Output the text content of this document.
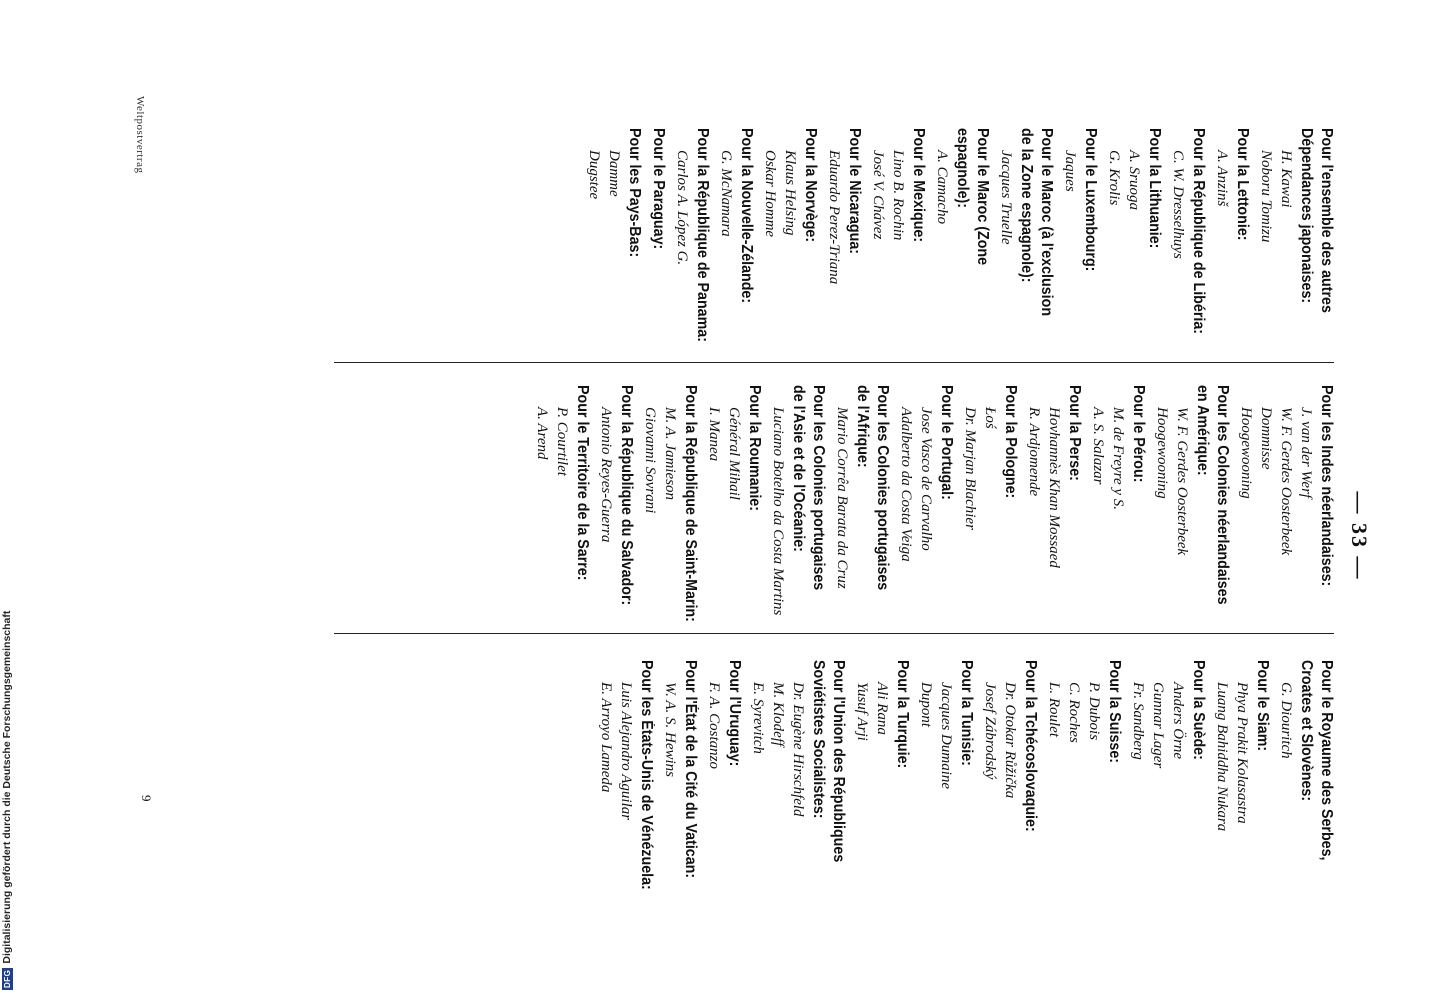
— 33 —
Pour l'ensemble des autres
Dépendances japonaises:
H. Kawai
Noboru Tomizu
Pour la Lettonie:
A. Anzinš
Pour la République de Libéria:
C. W. Dresselhuys
Pour la Lithuanie:
A. Sruoga
G. Krolis
Pour le Luxembourg:
Jaques
Pour le Maroc (à l'exclusion
de la Zone espagnole):
Jacques Truelle
Pour le Maroc (Zone espagnole):
A. Camacho
Pour le Mexique:
Lino B. Rochin
José V. Chávez
Pour le Nicaragua:
Eduardo Perez-Triana
Pour la Norvège:
Klaus Helsing
Oskar Homme
Pour la Nouvelle-Zélande:
G. McNamara
Pour la République de Panama:
Carlos A. López G.
Pour le Paraguay:
Pour les Pays-Bas:
Damme
Dugstee
Pour les Indes néerlandaises:
J. van der Werf
W. F. Gerdes Oosterbeek
Dommisse
Hoogewooning
Pour les Colonies néerlandaises
en Amérique:
W. F. Gerdes Oosterbeek
Hoogewooning
Pour le Pérou:
M. de Freyre y S.
A. S. Salazar
Pour la Perse:
Hovhannès Khan Mossaed
R. Ardjomende
Pour la Pologne:
Łoś
Dr. Marjan Blachier
Pour le Portugal:
Jose Vasco de Carvalho
Adalberto da Costa Veiga
Pour les Colonies portugaises
de l'Afrique:
Mario Corrêa Barata da Cruz
Pour les Colonies portugaises
de l'Asie et de l'Océanie:
Luciano Botelho da Costa Martins
Pour la Roumanie:
Général Mihail
I. Manea
Pour la République de Saint-Marin:
M. A. Jamieson
Giovanni Sovrani
Pour la République du Salvador:
Antonio Reyes-Guerra
Pour le Territoire de la Sarre:
P. Courtilet
A. Arend
Pour le Royaume des Serbes,
Croates et Slovènes:
G. Diouritch
Pour le Siam:
Phya Prakit Kolasastra
Luang Bahiddha Nukara
Pour la Suède:
Anders Örne
Gunnar Lager
Fr. Sandberg
Pour la Suisse:
P. Dubois
C. Roches
L. Roulet
Pour la Tchécoslovaquie:
Dr. Otokar Růžička
Josef Zábrodský
Pour la Tunisie:
Jacques Dumaine
Dupont
Pour la Turquie:
Ali Rana
Yusuf Arji
Pour l'Union des Républiques
Soviétistes Socialistes:
Dr. Eugène Hirschfeld
M. Klodeff
E. Syrevitch
Pour l'Uruguay:
F. A. Costanzo
Pour l'État de la Cité du Vatican:
W. A. S. Hewins
Pour les États-Unis de Vénézuela:
Luis Alejandro Aguilar
E. Arroyo Lameda
Weltpostvertrag
9
DFG
Digitalisierung gefördert durch die Deutsche Forschungsgemeinschaft
